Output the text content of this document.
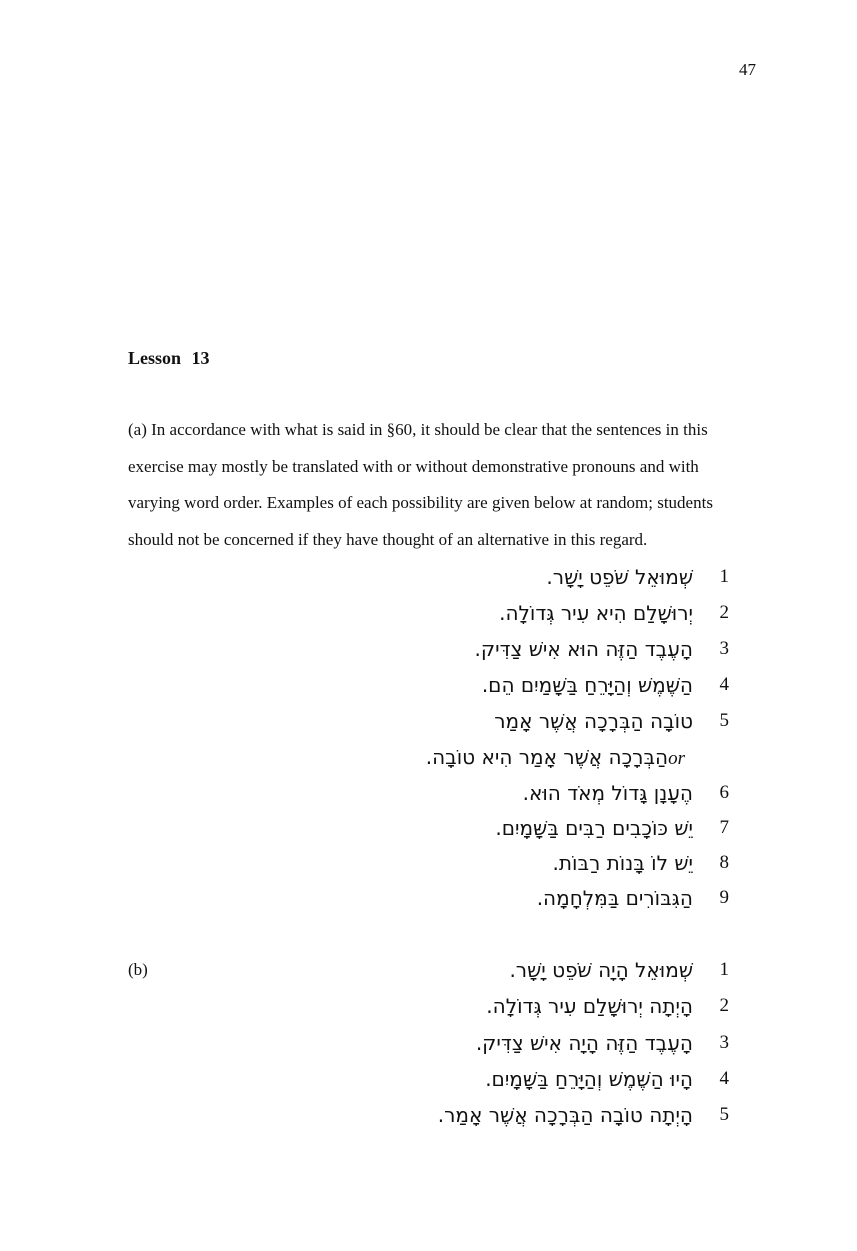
47
Lesson 13
(a) In accordance with what is said in §60, it should be clear that the sentences in this
exercise may mostly be translated with or without demonstrative pronouns and with
varying word order. Examples of each possibility are given below at random; students
should not be concerned if they have thought of an alternative in this regard.
1
שְׁמוּאֵל שֹׁפֵט יָשָׁר.
2
יְרוּשָׁלַם הִיא עִיר גְּדוֹלָה.
3
הָעֶבֶד הַזֶּה הוּא אִישׁ צַדִּיק.
4
הַשֶּׁמֶשׁ וְהַיָּרֵחַ בַּשָּׁמַיִם הֵם.
5
טוֹבָה הַבְּרָכָה אֲשֶׁר אָמַר
orהַבְּרָכָה אֲשֶׁר אָמַר הִיא טוֹבָה.
6
הֶעָנָן גָּדוֹל מְאֹד הוּא.
7
יֵשׁ כּוֹכָבִים רַבִּים בַּשָּׁמָיִם.
8
יֵשׁ לוֹ בָּנוֹת רַבּוֹת.
9
הַגִּבּוֹרִים בַּמִּלְחָמָה.
(b)	1
שְׁמוּאֵל הָיָה שֹׁפֵט יָשָׁר.
2
הָיְתָה יְרוּשָׁלַם עִיר גְּדוֹלָה.
3
הָעֶבֶד הַזֶּה הָיָה אִישׁ צַדִּיק.
4
הָיוּ הַשֶּׁמֶשׁ וְהַיָּרֵחַ בַּשָּׁמָיִם.
5
הָיְתָה טוֹבָה הַבְּרָכָה אֲשֶׁר אָמַר.
